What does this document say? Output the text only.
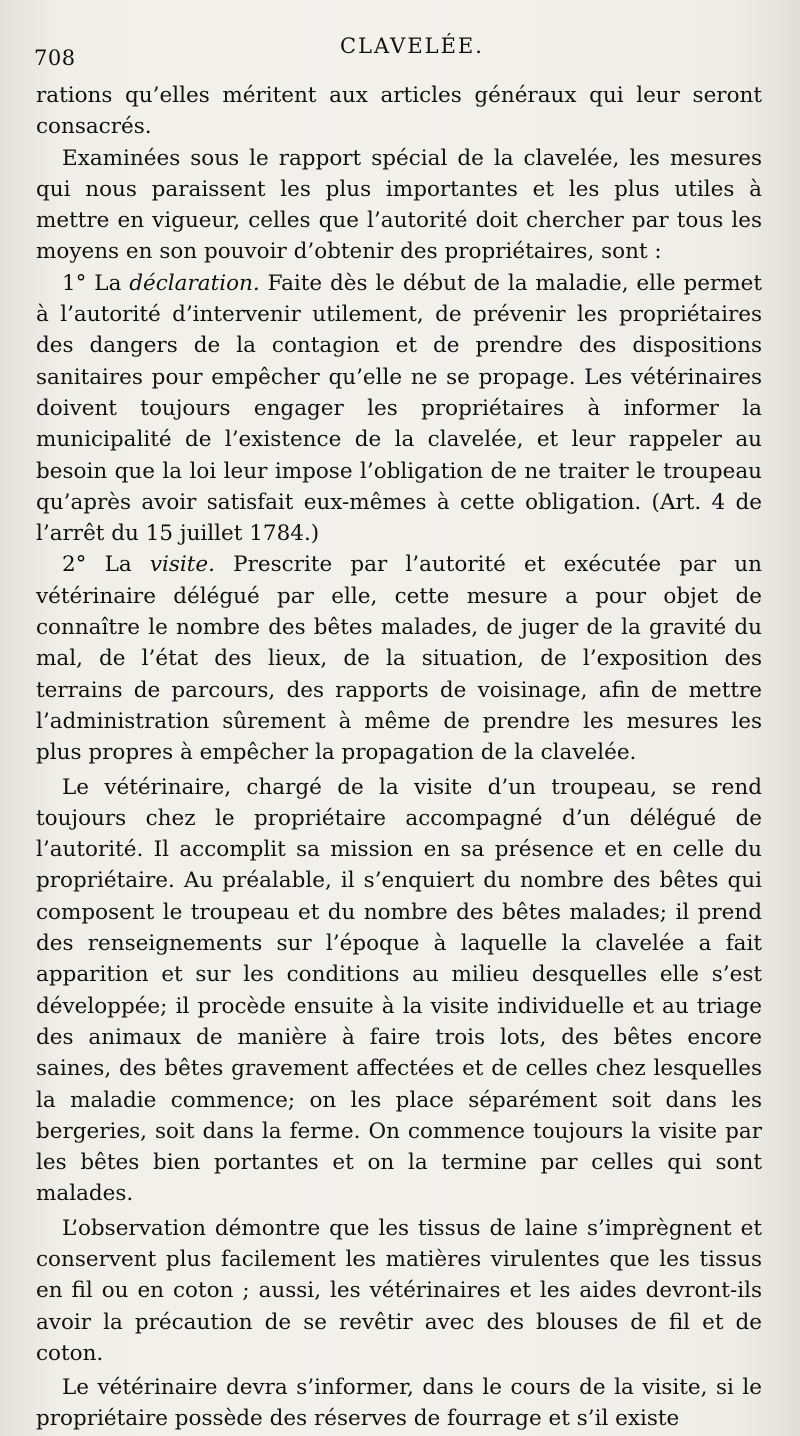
708	CLAVELÉE.

rations qu’elles méritent aux articles généraux qui leur seront consacrés.

Examinées sous le rapport spécial de la clavelée, les mesures qui nous paraissent les plus importantes et les plus utiles à mettre en vigueur, celles que l’autorité doit chercher par tous les moyens en son pouvoir d’obtenir des propriétaires, sont :

1° La déclaration. Faite dès le début de la maladie, elle permet à l’autorité d’intervenir utilement, de prévenir les propriétaires des dangers de la contagion et de prendre des dispositions sanitaires pour empêcher qu’elle ne se propage. Les vétérinaires doivent toujours engager les propriétaires à informer la municipalité de l’existence de la clavelée, et leur rappeler au besoin que la loi leur impose l’obligation de ne traiter le troupeau qu’après avoir satisfait eux-mêmes à cette obligation. (Art. 4 de l’arrêt du 15 juillet 1784.)

2° La visite. Prescrite par l’autorité et exécutée par un vétérinaire délégué par elle, cette mesure a pour objet de connaître le nombre des bêtes malades, de juger de la gravité du mal, de l’état des lieux, de la situation, de l’exposition des terrains de parcours, des rapports de voisinage, afin de mettre l’administration sûrement à même de prendre les mesures les plus propres à empêcher la propagation de la clavelée.

Le vétérinaire, chargé de la visite d’un troupeau, se rend toujours chez le propriétaire accompagné d’un délégué de l’autorité. Il accomplit sa mission en sa présence et en celle du propriétaire. Au préalable, il s’enquiert du nombre des bêtes qui composent le troupeau et du nombre des bêtes malades; il prend des renseignements sur l’époque à laquelle la clavelée a fait apparition et sur les conditions au milieu desquelles elle s’est développée; il procède ensuite à la visite individuelle et au triage des animaux de manière à faire trois lots, des bêtes encore saines, des bêtes gravement affectées et de celles chez lesquelles la maladie commence; on les place séparément soit dans les bergeries, soit dans la ferme. On commence toujours la visite par les bêtes bien portantes et on la termine par celles qui sont malades.

L’observation démontre que les tissus de laine s’imprègnent et conservent plus facilement les matières virulentes que les tissus en fil ou en coton ; aussi, les vétérinaires et les aides devront-ils avoir la précaution de se revêtir avec des blouses de fil et de coton.

Le vétérinaire devra s’informer, dans le cours de la visite, si le propriétaire possède des réserves de fourrage et s’il existe
